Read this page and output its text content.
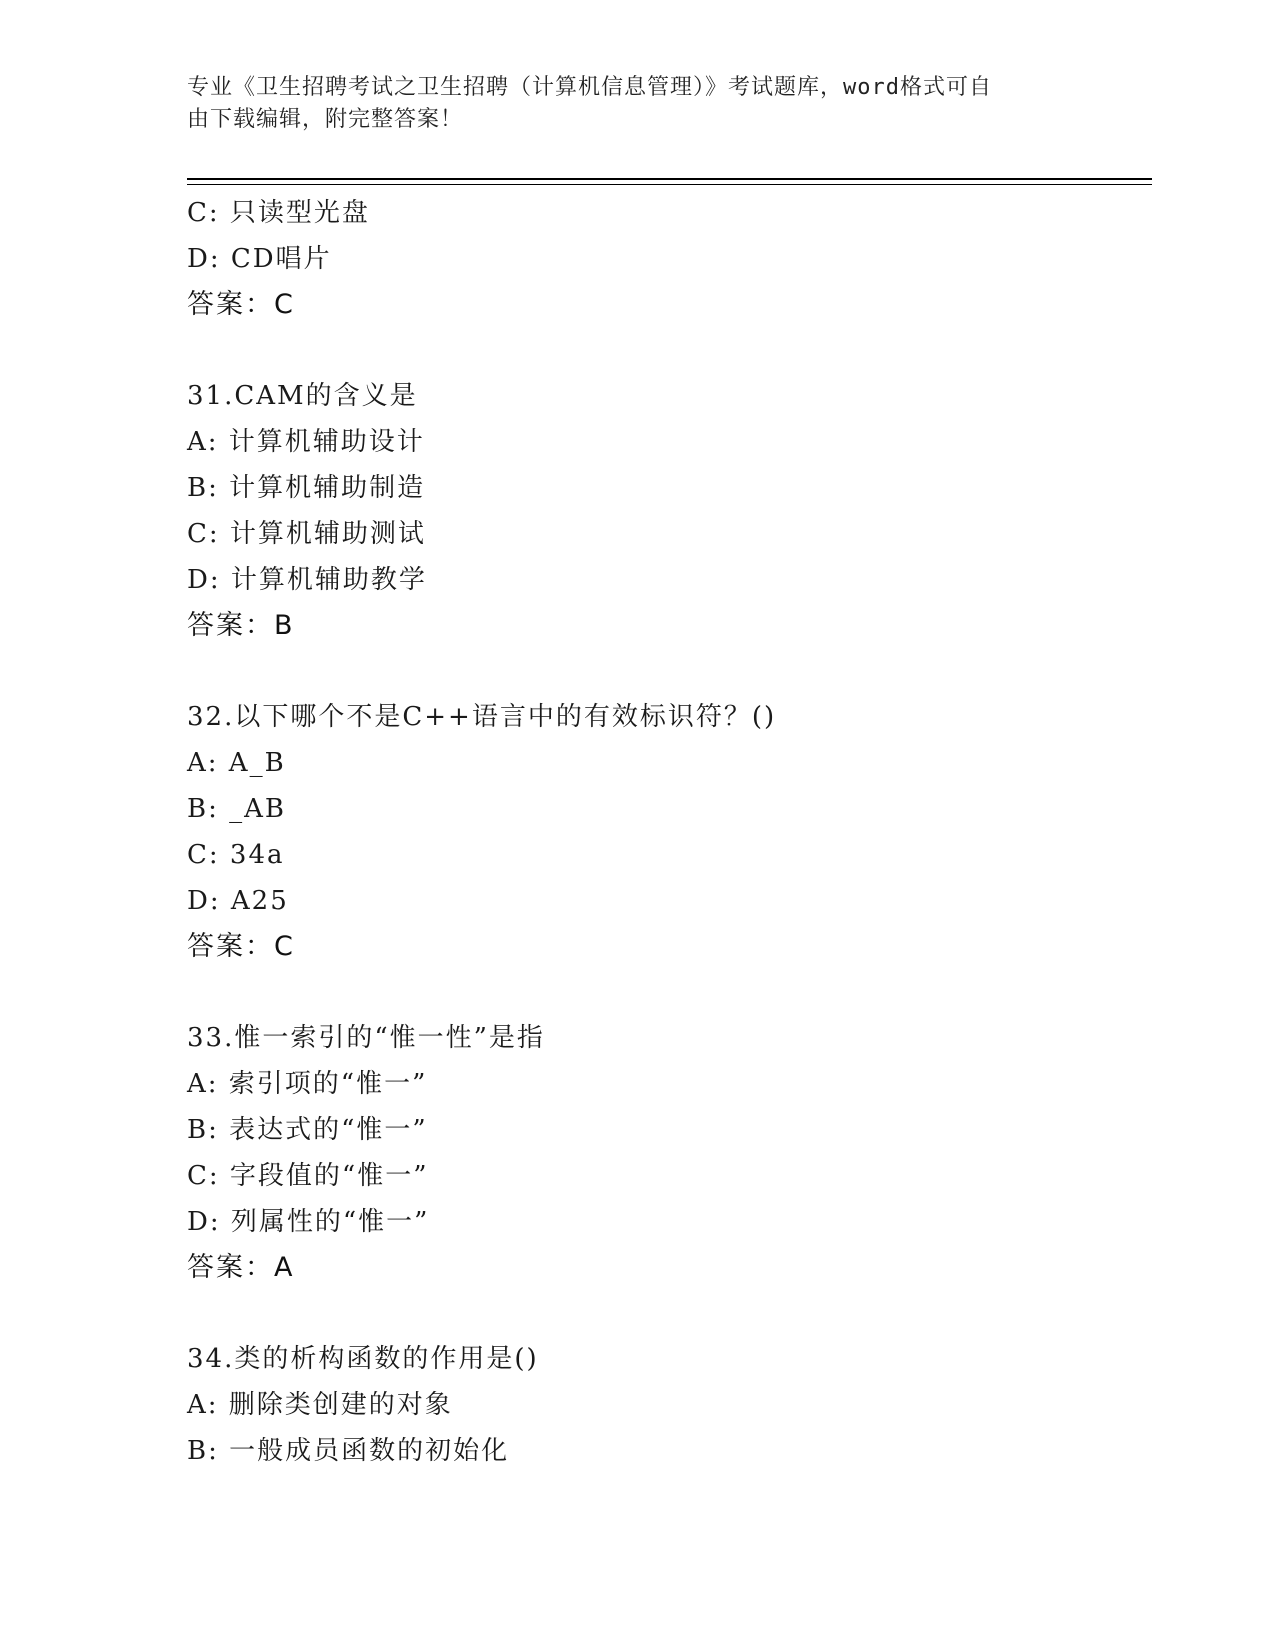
专业《卫生招聘考试之卫生招聘（计算机信息管理）》考试题库，word格式可自
由下载编辑，附完整答案！
C: 只读型光盘
D: CD唱片
答案：C
31.CAM的含义是
A: 计算机辅助设计
B: 计算机辅助制造
C: 计算机辅助测试
D: 计算机辅助教学
答案：B
32.以下哪个不是C++语言中的有效标识符？()
A: A_B
B: _AB
C: 34a
D: A25
答案：C
33.惟一索引的“惟一性”是指
A: 索引项的“惟一”
B: 表达式的“惟一”
C: 字段值的“惟一”
D: 列属性的“惟一”
答案：A
34.类的析构函数的作用是()
A: 删除类创建的对象
B: 一般成员函数的初始化
